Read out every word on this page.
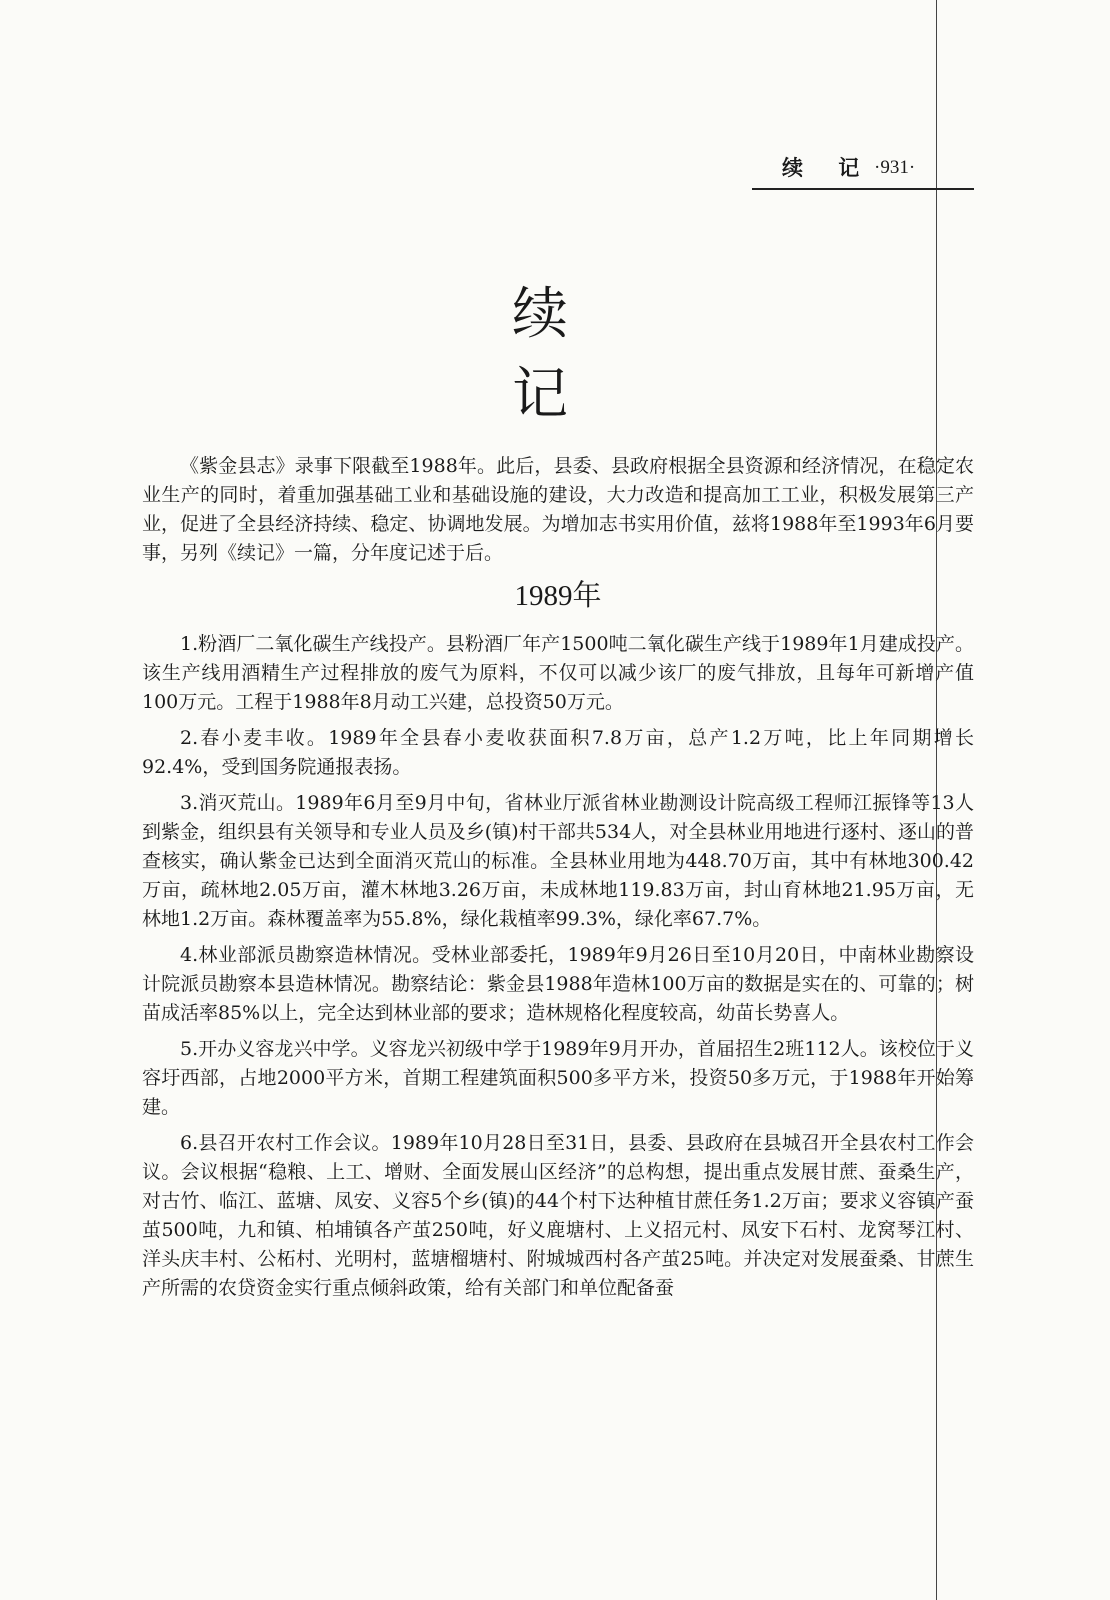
续 记 ·931·
续 记

《紫金县志》录事下限截至1988年。此后，县委、县政府根据全县资源和经济情况，在稳定农业生产的同时，着重加强基础工业和基础设施的建设，大力改造和提高加工工业，积极发展第三产业，促进了全县经济持续、稳定、协调地发展。为增加志书实用价值，兹将1988年至1993年6月要事，另列《续记》一篇，分年度记述于后。

1989年

1.粉酒厂二氧化碳生产线投产。县粉酒厂年产1500吨二氧化碳生产线于1989年1月建成投产。该生产线用酒精生产过程排放的废气为原料，不仅可以减少该厂的废气排放，且每年可新增产值100万元。工程于1988年8月动工兴建，总投资50万元。

2.春小麦丰收。1989年全县春小麦收获面积7.8万亩，总产1.2万吨，比上年同期增长92.4%，受到国务院通报表扬。

3.消灭荒山。1989年6月至9月中旬，省林业厅派省林业勘测设计院高级工程师江振锋等13人到紫金，组织县有关领导和专业人员及乡(镇)村干部共534人，对全县林业用地进行逐村、逐山的普查核实，确认紫金已达到全面消灭荒山的标准。全县林业用地为448.70万亩，其中有林地300.42万亩，疏林地2.05万亩，灌木林地3.26万亩，未成林地119.83万亩，封山育林地21.95万亩，无林地1.2万亩。森林覆盖率为55.8%，绿化栽植率99.3%，绿化率67.7%。

4.林业部派员勘察造林情况。受林业部委托，1989年9月26日至10月20日，中南林业勘察设计院派员勘察本县造林情况。勘察结论：紫金县1988年造林100万亩的数据是实在的、可靠的；树苗成活率85%以上，完全达到林业部的要求；造林规格化程度较高，幼苗长势喜人。

5.开办义容龙兴中学。义容龙兴初级中学于1989年9月开办，首届招生2班112人。该校位于义容圩西部，占地2000平方米，首期工程建筑面积500多平方米，投资50多万元，于1988年开始筹建。

6.县召开农村工作会议。1989年10月28日至31日，县委、县政府在县城召开全县农村工作会议。会议根据“稳粮、上工、增财、全面发展山区经济”的总构想，提出重点发展甘蔗、蚕桑生产，对古竹、临江、蓝塘、凤安、义容5个乡(镇)的44个村下达种植甘蔗任务1.2万亩；要求义容镇产蚕茧500吨，九和镇、柏埔镇各产茧250吨，好义鹿塘村、上义招元村、凤安下石村、龙窝琴江村、洋头庆丰村、公柘村、光明村，蓝塘榴塘村、附城城西村各产茧25吨。并决定对发展蚕桑、甘蔗生产所需的农贷资金实行重点倾斜政策，给有关部门和单位配备蚕
